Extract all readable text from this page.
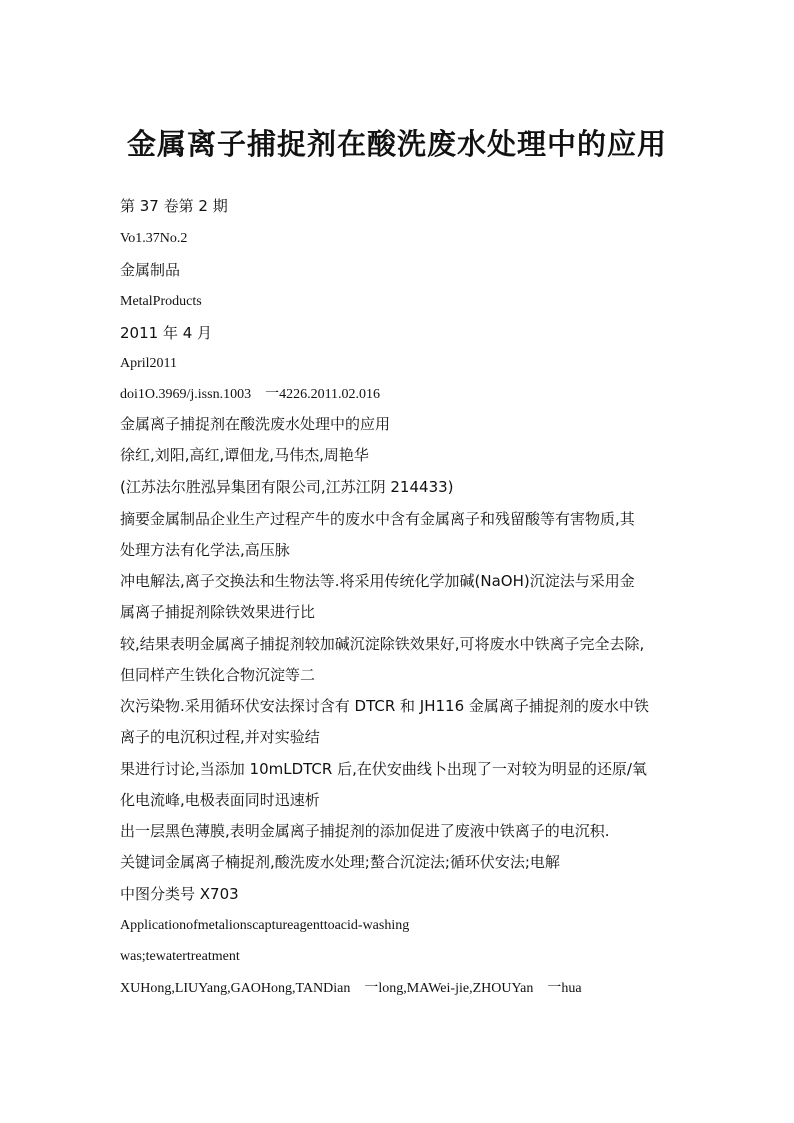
金属离子捕捉剂在酸洗废水处理中的应用

第 37 卷第 2 期

Vo1.37No.2

金属制品

MetalProducts

2011 年 4 月

April2011

doi1O.3969/j.issn.1003　一4226.2011.02.016

金属离子捕捉剂在酸洗废水处理中的应用

徐红,刘阳,高红,谭佃龙,马伟杰,周艳华

(江苏法尔胜泓异集团有限公司,江苏江阴 214433)

摘要金属制品企业生产过程产牛的废水中含有金属离子和残留酸等有害物质,其

处理方法有化学法,高压脉

冲电解法,离子交换法和生物法等.将采用传统化学加碱(NaOH)沉淀法与采用金

属离子捕捉剂除铁效果进行比

较,结果表明金属离子捕捉剂较加碱沉淀除铁效果好,可将废水中铁离子完全去除,

但同样产生铁化合物沉淀等二

次污染物.采用循环伏安法探讨含有 DTCR 和 JH116 金属离子捕捉剂的废水中铁

离子的电沉积过程,并对实验结

果进行讨论,当添加 10mLDTCR 后,在伏安曲线卜出现了一对较为明显的还原/氧

化电流峰,电极表面同时迅速析

出一层黑色薄膜,表明金属离子捕捉剂的添加促进了废液中铁离子的电沉积.

关键词金属离子楠捉剂,酸洗废水处理;螯合沉淀法;循环伏安法;电解

中图分类号 X703

Applicationofmetalionscaptureagenttoacid-washing

was;tewatertreatment

XUHong,LIUYang,GAOHong,TANDian　一long,MAWei-jie,ZHOUYan　一hua
